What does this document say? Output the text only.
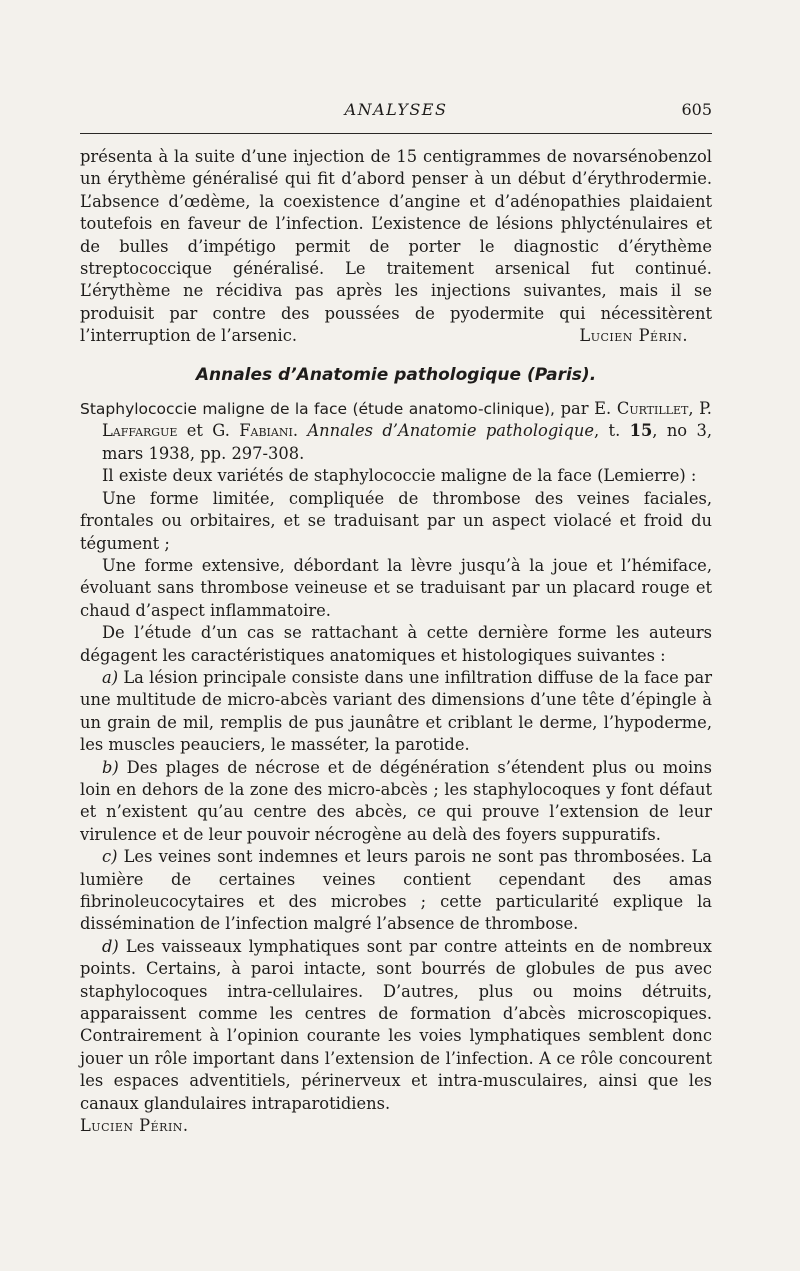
ANALYSES	605

présenta à la suite d’une injection de 15 centigrammes de novarsénobenzol un érythème généralisé qui fit d’abord penser à un début d’érythrodermie. L’absence d’œdème, la coexistence d’angine et d’adénopathies plaidaient toutefois en faveur de l’infection. L’existence de lésions phlycténulaires et de bulles d’impétigo permit de porter le diagnostic d’érythème streptococcique généralisé. Le traitement arsenical fut continué. L’érythème ne récidiva pas après les injections suivantes, mais il se produisit par contre des poussées de pyodermite qui nécessitèrent l’interruption de l’arsenic.	Lucien Périn.

Annales d’Anatomie pathologique (Paris).

Staphylococcie maligne de la face (étude anatomo-clinique), par E. Curtillet, P. Laffargue et G. Fabiani. Annales d’Anatomie pathologique, t. 15, no 3, mars 1938, pp. 297-308.

Il existe deux variétés de staphylococcie maligne de la face (Lemierre) :

Une forme limitée, compliquée de thrombose des veines faciales, frontales ou orbitaires, et se traduisant par un aspect violacé et froid du tégument ;

Une forme extensive, débordant la lèvre jusqu’à la joue et l’hémiface, évoluant sans thrombose veineuse et se traduisant par un placard rouge et chaud d’aspect inflammatoire.

De l’étude d’un cas se rattachant à cette dernière forme les auteurs dégagent les caractéristiques anatomiques et histologiques suivantes :

a) La lésion principale consiste dans une infiltration diffuse de la face par une multitude de micro-abcès variant des dimensions d’une tête d’épingle à un grain de mil, remplis de pus jaunâtre et criblant le derme, l’hypoderme, les muscles peauciers, le masséter, la parotide.

b) Des plages de nécrose et de dégénération s’étendent plus ou moins loin en dehors de la zone des micro-abcès ; les staphylocoques y font défaut et n’existent qu’au centre des abcès, ce qui prouve l’extension de leur virulence et de leur pouvoir nécrogène au delà des foyers suppuratifs.

c) Les veines sont indemnes et leurs parois ne sont pas thrombosées. La lumière de certaines veines contient cependant des amas fibrinoleucocytaires et des microbes ; cette particularité explique la dissémination de l’infection malgré l’absence de thrombose.

d) Les vaisseaux lymphatiques sont par contre atteints en de nombreux points. Certains, à paroi intacte, sont bourrés de globules de pus avec staphylocoques intra-cellulaires. D’autres, plus ou moins détruits, apparaissent comme les centres de formation d’abcès microscopiques. Contrairement à l’opinion courante les voies lymphatiques semblent donc jouer un rôle important dans l’extension de l’infection. A ce rôle concourent les espaces adventitiels, périnerveux et intra-musculaires, ainsi que les canaux glandulaires intraparotidiens.

Lucien Périn.
